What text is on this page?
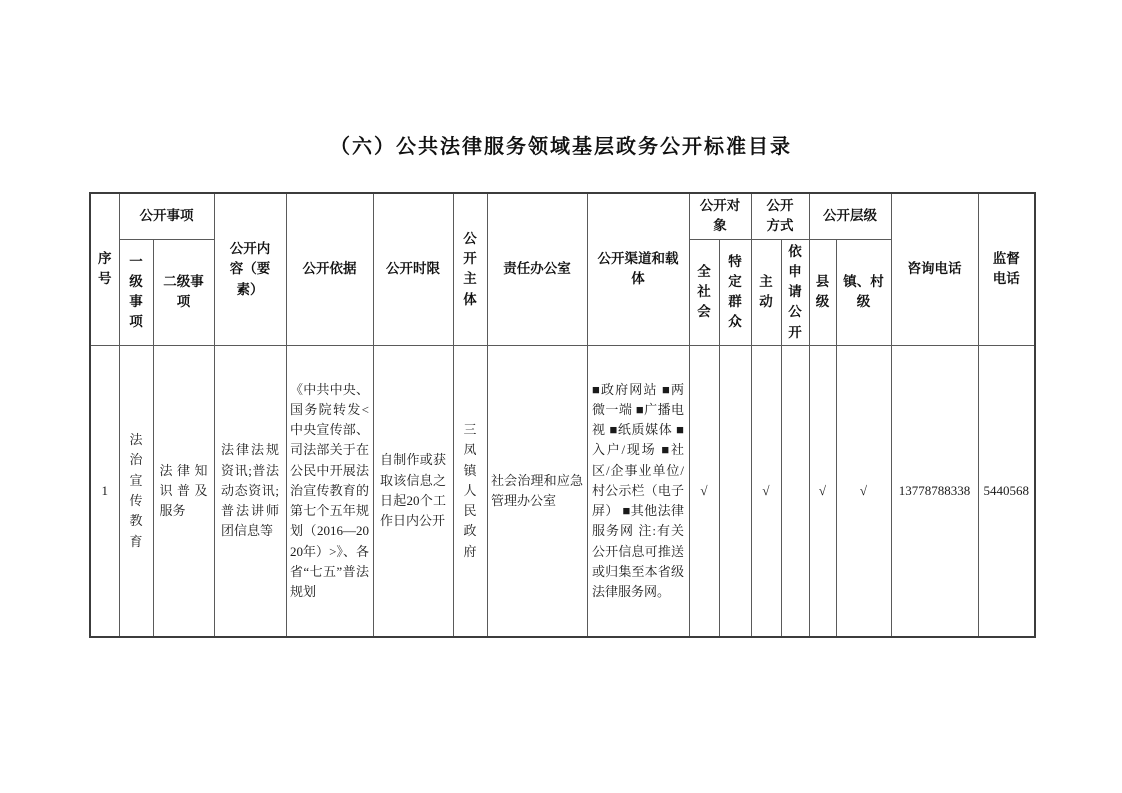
（六）公共法律服务领域基层政务公开标准目录
序号	公开事项		公开内容（要素）	公开依据	公开时限	公开主体	责任办公室	公开渠道和载体	公开对象		公开方式		公开层级		咨询电话	监督电话

	一级事项	二级事项							全社会	特定群众	主动	依申请公开	县级	镇、村级		

1	法治宣传教育	法律知识普及服务	法律法规资讯;普法动态资讯;普法讲师团信息等	《中共中央、国务院转发<中央宣传部、司法部关于在公民中开展法治宣传教育的第七个五年规划（2016—2020年）>》、各省“七五”普法规划	自制作或获取该信息之日起20个工作日内公开	三凤镇人民政府	社会治理和应急管理办公室	■政府网站 ■两微一端 ■广播电视 ■纸质媒体 ■入户/现场 ■社区/企事业单位/村公示栏（电子屏） ■其他法律服务网 注:有关公开信息可推送或归集至本省级法律服务网。	√		√		√	√	13778788338	5440568
